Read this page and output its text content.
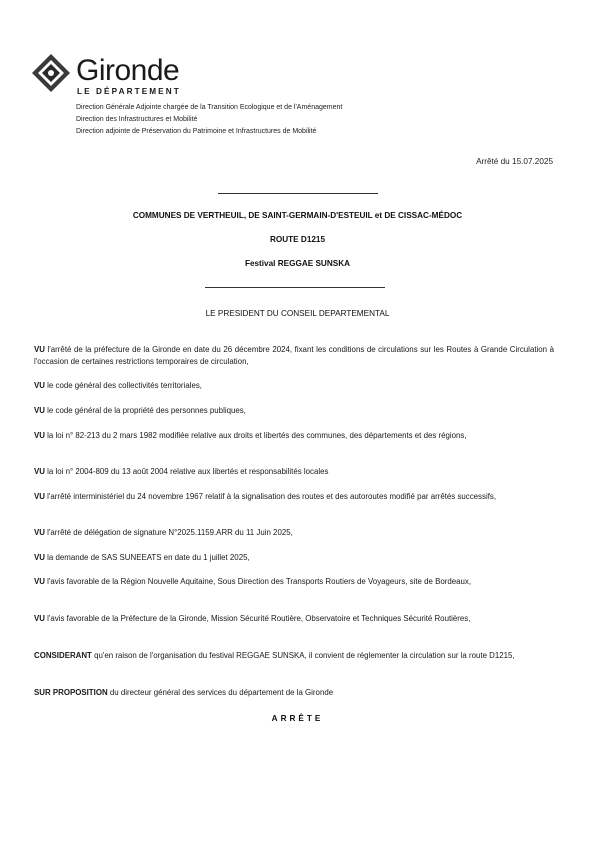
Gironde
LE DÉPARTEMENT
Direction Générale Adjointe chargée de la Transition Ecologique et de l'Aménagement
Direction des Infrastructures et Mobilité
Direction adjointe de Préservation du Patrimoine et Infrastructures de Mobilité
Arrêté du 15.07.2025
COMMUNES DE VERTHEUIL, DE SAINT-GERMAIN-D'ESTEUIL et DE CISSAC-MÉDOC
ROUTE D1215
Festival REGGAE SUNSKA
LE PRESIDENT DU CONSEIL DEPARTEMENTAL
VU l'arrêté de la préfecture de la Gironde en date du 26 décembre 2024, fixant les conditions de circulations sur les Routes à Grande Circulation à l'occasion de certaines restrictions temporaires de circulation,
VU le code général des collectivités territoriales,
VU le code général de la propriété des personnes publiques,
VU la loi n° 82-213 du 2 mars 1982 modifiée relative aux droits et libertés des communes, des départements et des régions,
VU la loi n° 2004-809 du 13 août 2004 relative aux libertés et responsabilités locales
VU l'arrêté interministériel du 24 novembre 1967 relatif à la signalisation des routes et des autoroutes modifié par arrêtés successifs,
VU l'arrêté de délégation de signature N°2025.1159.ARR du 11 Juin 2025,
VU la demande de SAS SUNEEATS en date du 1 juillet 2025,
VU l'avis favorable de la Région Nouvelle Aquitaine, Sous Direction des Transports Routiers de Voyageurs, site de Bordeaux,
VU l'avis favorable de la Préfecture de la Gironde, Mission Sécurité Routière, Observatoire et Techniques Sécurité Routières,
CONSIDERANT qu'en raison de l'organisation du festival REGGAE SUNSKA, il convient de réglementer la circulation sur la route D1215,
SUR PROPOSITION du directeur général des services du département de la Gironde
ARRÊTE
